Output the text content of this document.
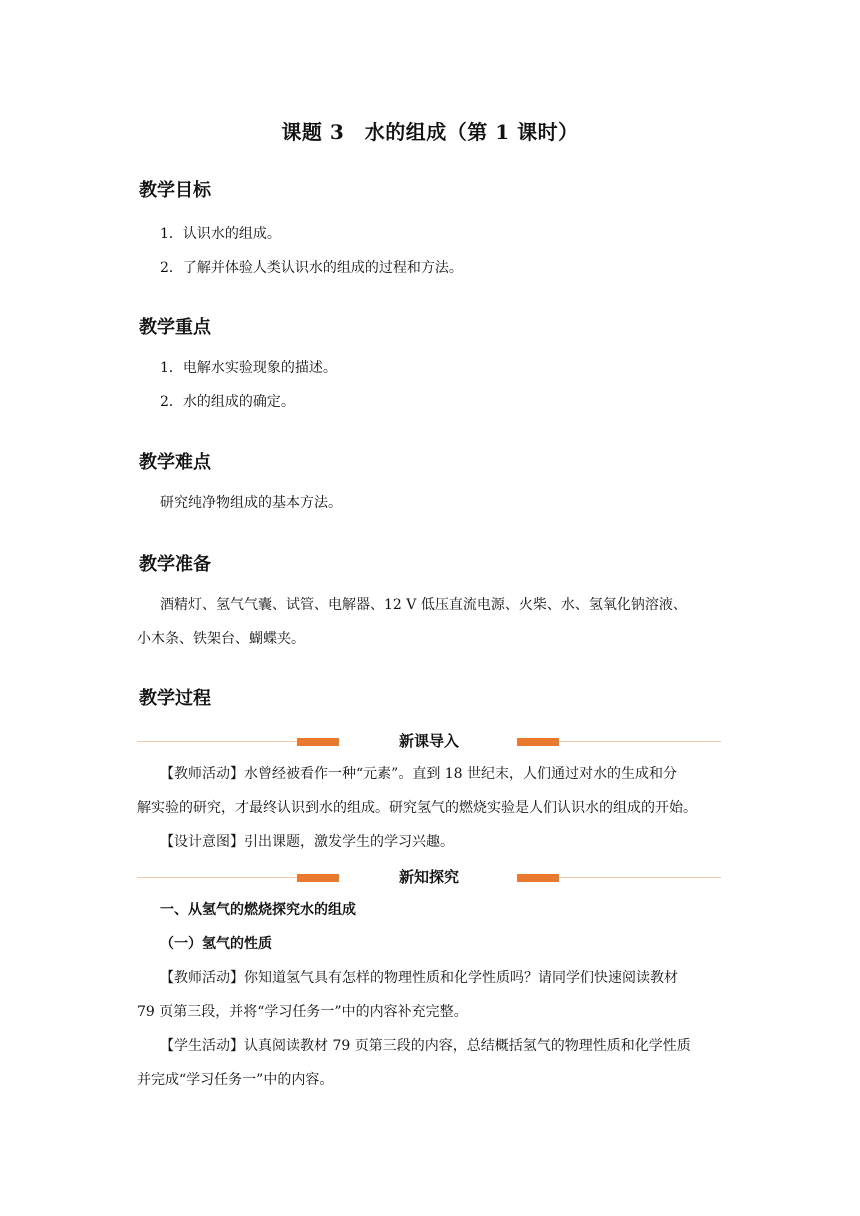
课题 3　水的组成（第 1 课时）
教学目标
1．认识水的组成。
2．了解并体验人类认识水的组成的过程和方法。
教学重点
1．电解水实验现象的描述。
2．水的组成的确定。
教学难点
研究纯净物组成的基本方法。
教学准备
酒精灯、氢气气囊、试管、电解器、12 V 低压直流电源、火柴、水、氢氧化钠溶液、
小木条、铁架台、蝴蝶夹。
教学过程
新课导入
【教师活动】水曾经被看作一种“元素”。直到 18 世纪末，人们通过对水的生成和分
解实验的研究，才最终认识到水的组成。研究氢气的燃烧实验是人们认识水的组成的开始。
【设计意图】引出课题，激发学生的学习兴趣。
新知探究
一、从氢气的燃烧探究水的组成
（一）氢气的性质
【教师活动】你知道氢气具有怎样的物理性质和化学性质吗？请同学们快速阅读教材
79 页第三段，并将“学习任务一”中的内容补充完整。
【学生活动】认真阅读教材 79 页第三段的内容，总结概括氢气的物理性质和化学性质
并完成“学习任务一”中的内容。
